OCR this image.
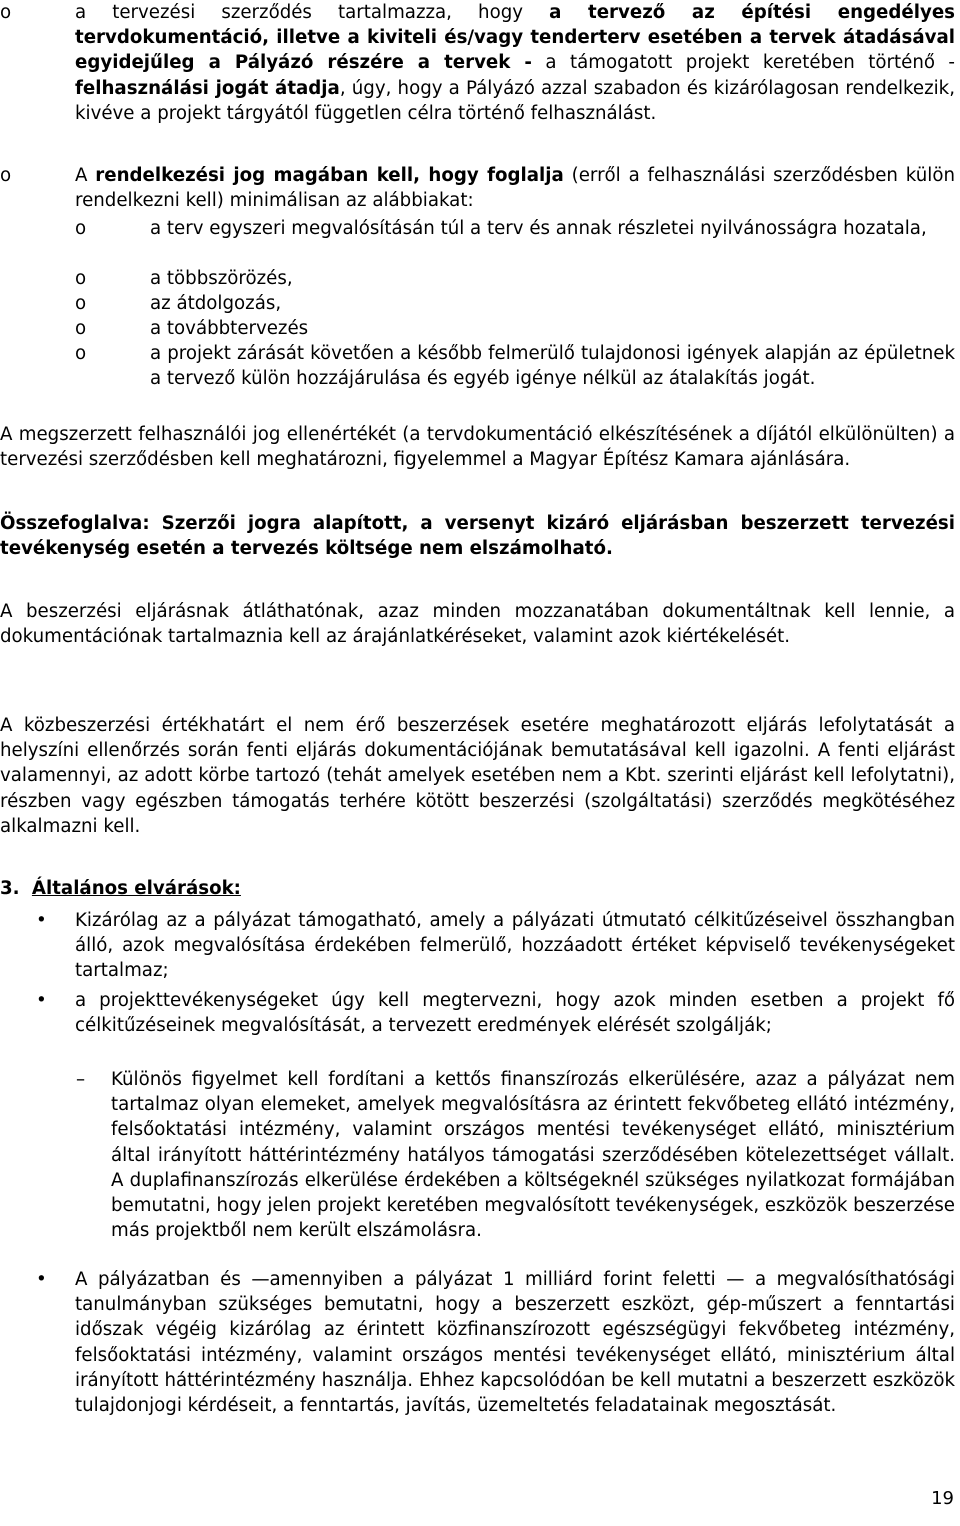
o	a tervezési szerződés tartalmazza, hogy a tervező az építési engedélyes tervdokumentáció, illetve a kiviteli és/vagy tenderterv esetében a tervek átadásával egyidejűleg a Pályázó részére a tervek - a támogatott projekt keretében történő - felhasználási jogát átadja, úgy, hogy a Pályázó azzal szabadon és kizárólagosan rendelkezik, kivéve a projekt tárgyától független célra történő felhasználást.

o	A rendelkezési jog magában kell, hogy foglalja (erről a felhasználási szerződésben külön rendelkezni kell) minimálisan az alábbiakat:

o	a terv egyszeri megvalósításán túl a terv és annak részletei nyilvánosságra hozatala,

o	a többszörözés,

o	az átdolgozás,

o	a továbbtervezés

o	a projekt zárását követően a később felmerülő tulajdonosi igények alapján az épületnek a tervező külön hozzájárulása és egyéb igénye nélkül az átalakítás jogát.

A megszerzett felhasználói jog ellenértékét (a tervdokumentáció elkészítésének a díjától elkülönülten) a tervezési szerződésben kell meghatározni, figyelemmel a Magyar Építész Kamara ajánlására.

Összefoglalva: Szerzői jogra alapított, a versenyt kizáró eljárásban beszerzett tervezési tevékenység esetén a tervezés költsége nem elszámolható.

A beszerzési eljárásnak átláthatónak, azaz minden mozzanatában dokumentáltnak kell lennie, a dokumentációnak tartalmaznia kell az árajánlatkéréseket, valamint azok kiértékelését.

A közbeszerzési értékhatárt el nem érő beszerzések esetére meghatározott eljárás lefolytatását a helyszíni ellenőrzés során fenti eljárás dokumentációjának bemutatásával kell igazolni. A fenti eljárást valamennyi, az adott körbe tartozó (tehát amelyek esetében nem a Kbt. szerinti eljárást kell lefolytatni), részben vagy egészben támogatás terhére kötött beszerzési (szolgáltatási) szerződés megkötéséhez alkalmazni kell.

3. Általános elvárások:
• Kizárólag az a pályázat támogatható, amely a pályázati útmutató célkitűzéseivel összhangban álló, azok megvalósítása érdekében felmerülő, hozzáadott értéket képviselő tevékenységeket tartalmaz;

• a projekttevékenységeket úgy kell megtervezni, hogy azok minden esetben a projekt fő célkitűzéseinek megvalósítását, a tervezett eredmények elérését szolgálják;

– Különös figyelmet kell fordítani a kettős finanszírozás elkerülésére, azaz a pályázat nem tartalmaz olyan elemeket, amelyek megvalósításra az érintett fekvőbeteg ellátó intézmény, felsőoktatási intézmény, valamint országos mentési tevékenységet ellátó, minisztérium által irányított háttérintézmény hatályos támogatási szerződésében kötelezettséget vállalt. A duplafinanszírozás elkerülése érdekében a költségeknél szükséges nyilatkozat formájában bemutatni, hogy jelen projekt keretében megvalósított tevékenységek, eszközök beszerzése más projektből nem került elszámolásra.

• A pályázatban és —amennyiben a pályázat 1 milliárd forint feletti — a megvalósíthatósági tanulmányban szükséges bemutatni, hogy a beszerzett eszközt, gép-műszert a fenntartási időszak végéig kizárólag az érintett közfinanszírozott egészségügyi fekvőbeteg intézmény, felsőoktatási intézmény, valamint országos mentési tevékenységet ellátó, minisztérium által irányított háttérintézmény használja. Ehhez kapcsolódóan be kell mutatni a beszerzett eszközök tulajdonjogi kérdéseit, a fenntartás, javítás, üzemeltetés feladatainak megosztását.

19
